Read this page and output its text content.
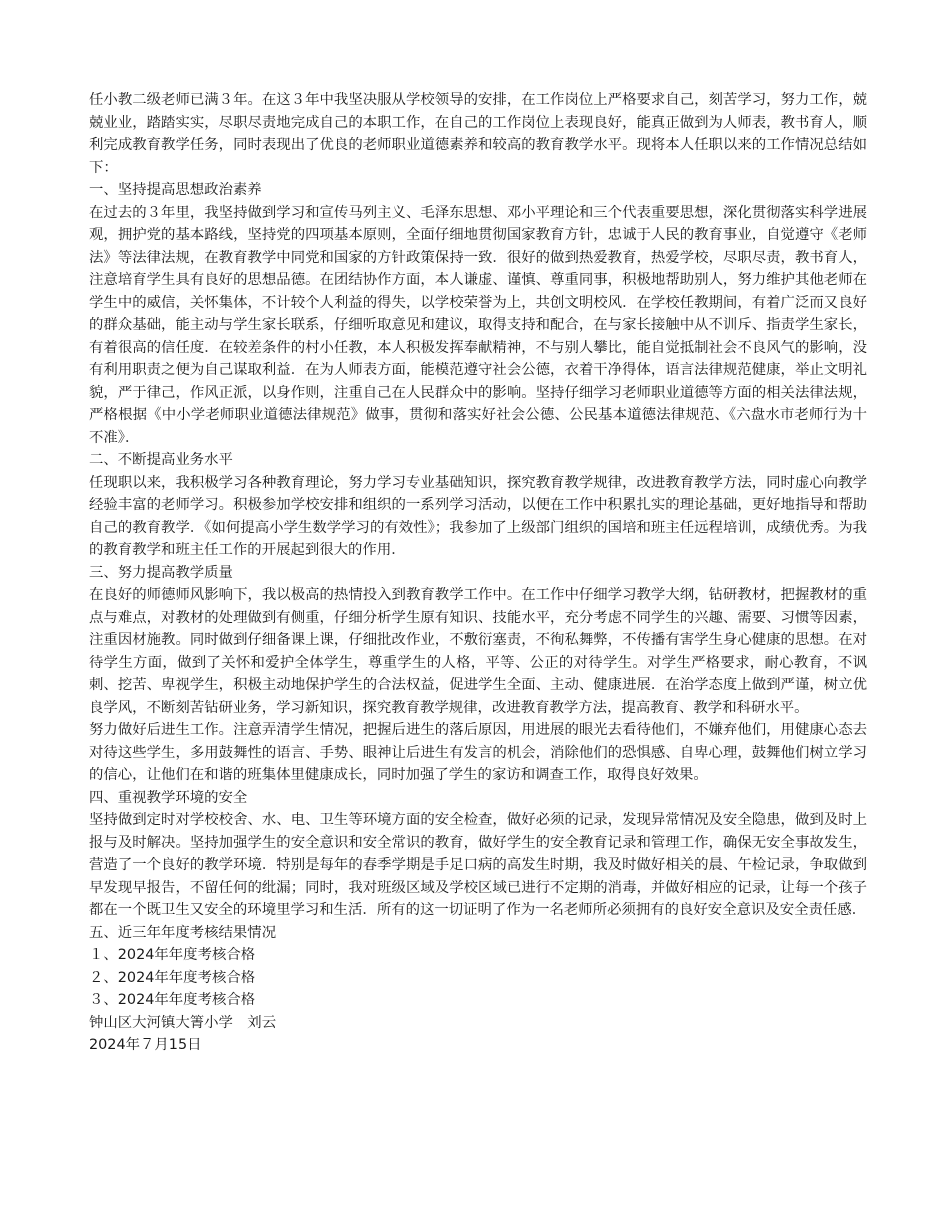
任小教二级老师已满３年。在这３年中我坚决服从学校领导的安排，在工作岗位上严格要求自己，刻苦学习，努力工作，兢兢业业，踏踏实实，尽职尽责地完成自己的本职工作，在自己的工作岗位上表现良好，能真正做到为人师表，教书育人，顺利完成教育教学任务，同时表现出了优良的老师职业道德素养和较高的教育教学水平。现将本人任职以来的工作情况总结如下：

一、坚持提高思想政治素养

在过去的３年里，我坚持做到学习和宣传马列主义、毛泽东思想、邓小平理论和三个代表重要思想，深化贯彻落实科学进展观，拥护党的基本路线，坚持党的四项基本原则，全面仔细地贯彻国家教育方针，忠诚于人民的教育事业，自觉遵守《老师法》等法律法规，在教育教学中同党和国家的方针政策保持一致．很好的做到热爱教育，热爱学校，尽职尽责，教书育人，注意培育学生具有良好的思想品德。在团结协作方面，本人谦虚、谨慎、尊重同事，积极地帮助别人，努力维护其他老师在学生中的威信，关怀集体，不计较个人利益的得失，以学校荣誉为上，共创文明校风．在学校任教期间，有着广泛而又良好的群众基础，能主动与学生家长联系，仔细听取意见和建议，取得支持和配合，在与家长接触中从不训斥、指责学生家长，有着很高的信任度．在较差条件的村小任教，本人积极发挥奉献精神，不与别人攀比，能自觉抵制社会不良风气的影响，没有利用职责之便为自己谋取利益．在为人师表方面，能模范遵守社会公德，衣着干净得体，语言法律规范健康，举止文明礼貌，严于律己，作风正派，以身作则，注重自己在人民群众中的影响。坚持仔细学习老师职业道德等方面的相关法律法规，严格根据《中小学老师职业道德法律规范》做事，贯彻和落实好社会公德、公民基本道德法律规范、《六盘水市老师行为十不准》．

二、不断提高业务水平

任现职以来，我积极学习各种教育理论，努力学习专业基础知识，探究教育教学规律，改进教育教学方法，同时虚心向教学经验丰富的老师学习。积极参加学校安排和组织的一系列学习活动，以便在工作中积累扎实的理论基础，更好地指导和帮助自己的教育教学．《如何提高小学生数学学习的有效性》；我参加了上级部门组织的国培和班主任远程培训，成绩优秀。为我的教育教学和班主任工作的开展起到很大的作用．

三、努力提高教学质量

在良好的师德师风影响下，我以极高的热情投入到教育教学工作中。在工作中仔细学习教学大纲，钻研教材，把握教材的重点与难点，对教材的处理做到有侧重，仔细分析学生原有知识、技能水平，充分考虑不同学生的兴趣、需要、习惯等因素，注重因材施教。同时做到仔细备课上课，仔细批改作业，不敷衍塞责，不徇私舞弊，不传播有害学生身心健康的思想。在对待学生方面，做到了关怀和爱护全体学生，尊重学生的人格，平等、公正的对待学生。对学生严格要求，耐心教育，不讽刺、挖苦、卑视学生，积极主动地保护学生的合法权益，促进学生全面、主动、健康进展．在治学态度上做到严谨，树立优良学风，不断刻苦钻研业务，学习新知识，探究教育教学规律，改进教育教学方法，提高教育、教学和科研水平。

努力做好后进生工作。注意弄清学生情况，把握后进生的落后原因，用进展的眼光去看待他们，不嫌弃他们，用健康心态去对待这些学生，多用鼓舞性的语言、手势、眼神让后进生有发言的机会，消除他们的恐惧感、自卑心理，鼓舞他们树立学习的信心，让他们在和谐的班集体里健康成长，同时加强了学生的家访和调查工作，取得良好效果。

四、重视教学环境的安全

坚持做到定时对学校校舍、水、电、卫生等环境方面的安全检查，做好必须的记录，发现异常情况及安全隐患，做到及时上报与及时解决。坚持加强学生的安全意识和安全常识的教育，做好学生的安全教育记录和管理工作，确保无安全事故发生，营造了一个良好的教学环境．特别是每年的春季学期是手足口病的高发生时期，我及时做好相关的晨、午检记录，争取做到早发现早报告，不留任何的纰漏；同时，我对班级区域及学校区域已进行不定期的消毒，并做好相应的记录，让每一个孩子都在一个既卫生又安全的环境里学习和生活．所有的这一切证明了作为一名老师所必须拥有的良好安全意识及安全责任感．

五、近三年年度考核结果情况

１、2024年年度考核合格

２、2024年年度考核合格

３、2024年年度考核合格

钟山区大河镇大箐小学　刘云

2024年７月15日
